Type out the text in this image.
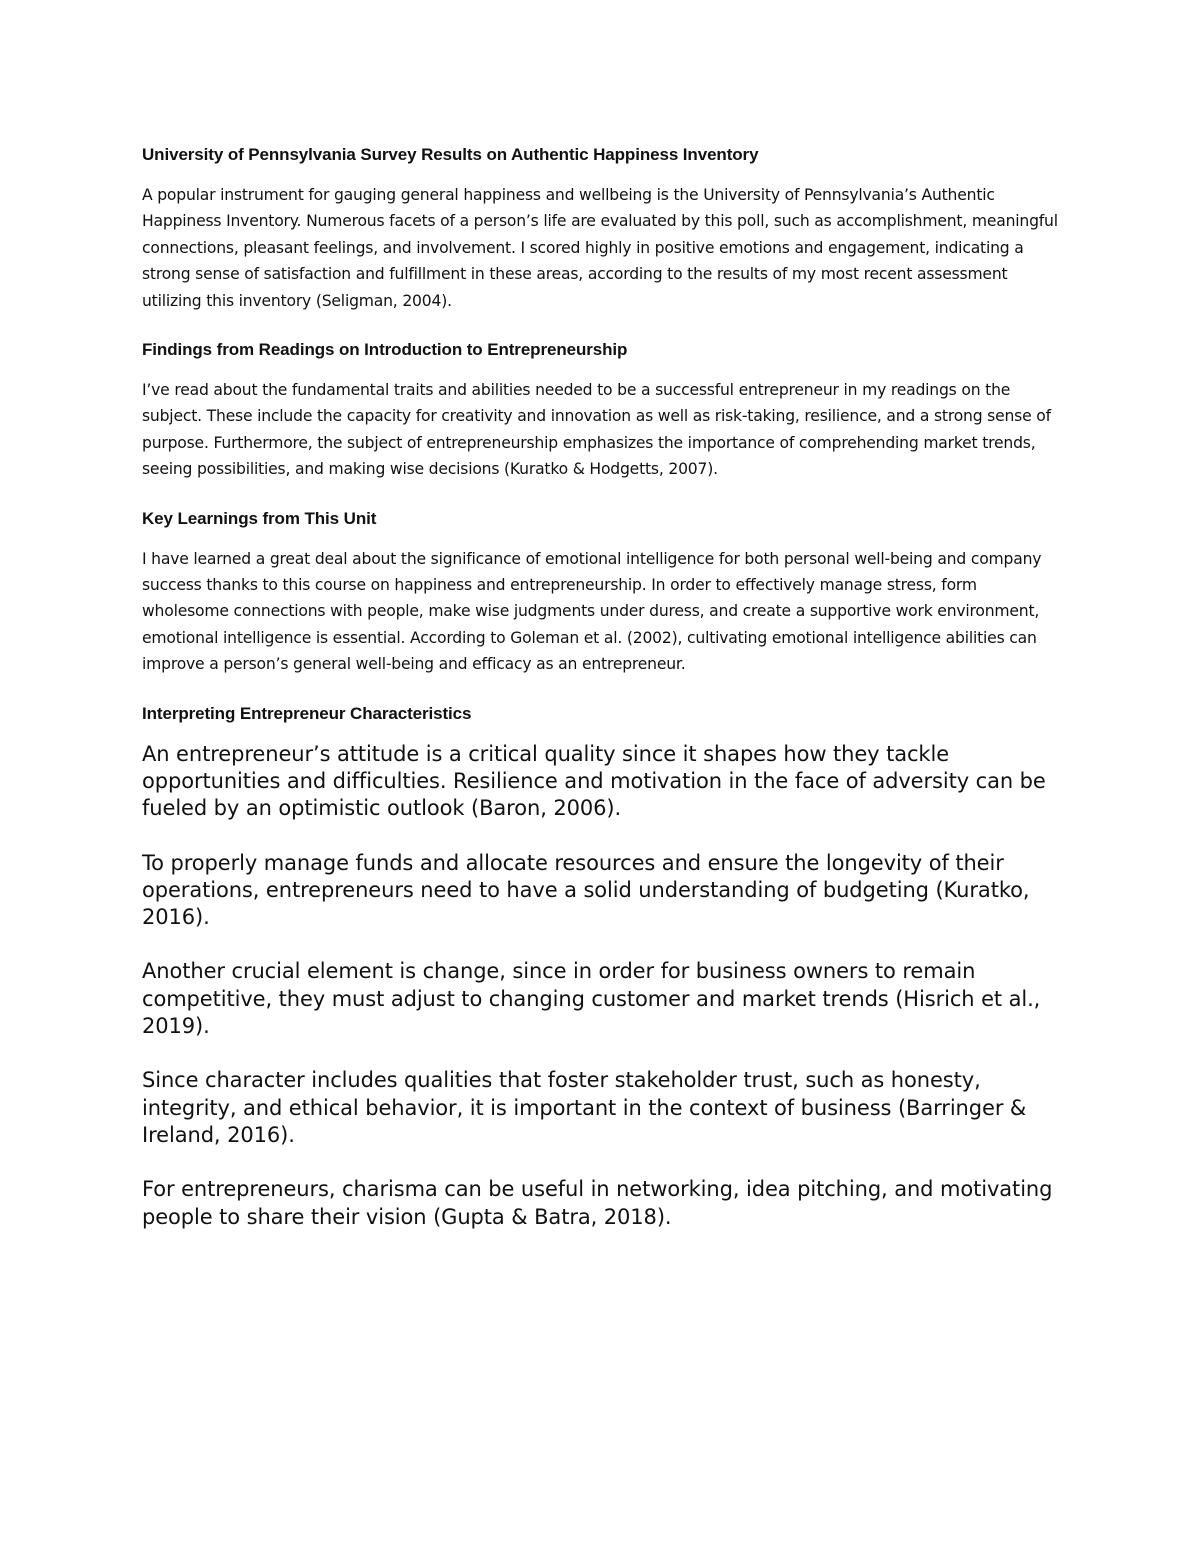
University of Pennsylvania Survey Results on Authentic Happiness Inventory

A popular instrument for gauging general happiness and wellbeing is the University of Pennsylvania’s Authentic Happiness Inventory. Numerous facets of a person’s life are evaluated by this poll, such as accomplishment, meaningful connections, pleasant feelings, and involvement. I scored highly in positive emotions and engagement, indicating a strong sense of satisfaction and fulfillment in these areas, according to the results of my most recent assessment utilizing this inventory (Seligman, 2004).

Findings from Readings on Introduction to Entrepreneurship

I’ve read about the fundamental traits and abilities needed to be a successful entrepreneur in my readings on the subject. These include the capacity for creativity and innovation as well as risk-taking, resilience, and a strong sense of purpose. Furthermore, the subject of entrepreneurship emphasizes the importance of comprehending market trends, seeing possibilities, and making wise decisions (Kuratko & Hodgetts, 2007).

Key Learnings from This Unit

I have learned a great deal about the significance of emotional intelligence for both personal well-being and company success thanks to this course on happiness and entrepreneurship. In order to effectively manage stress, form wholesome connections with people, make wise judgments under duress, and create a supportive work environment, emotional intelligence is essential. According to Goleman et al. (2002), cultivating emotional intelligence abilities can improve a person’s general well-being and efficacy as an entrepreneur.

Interpreting Entrepreneur Characteristics

An entrepreneur’s attitude is a critical quality since it shapes how they tackle opportunities and difficulties. Resilience and motivation in the face of adversity can be fueled by an optimistic outlook (Baron, 2006).

To properly manage funds and allocate resources and ensure the longevity of their operations, entrepreneurs need to have a solid understanding of budgeting (Kuratko, 2016).

Another crucial element is change, since in order for business owners to remain competitive, they must adjust to changing customer and market trends (Hisrich et al., 2019).

Since character includes qualities that foster stakeholder trust, such as honesty, integrity, and ethical behavior, it is important in the context of business (Barringer & Ireland, 2016).

For entrepreneurs, charisma can be useful in networking, idea pitching, and motivating people to share their vision (Gupta & Batra, 2018).
